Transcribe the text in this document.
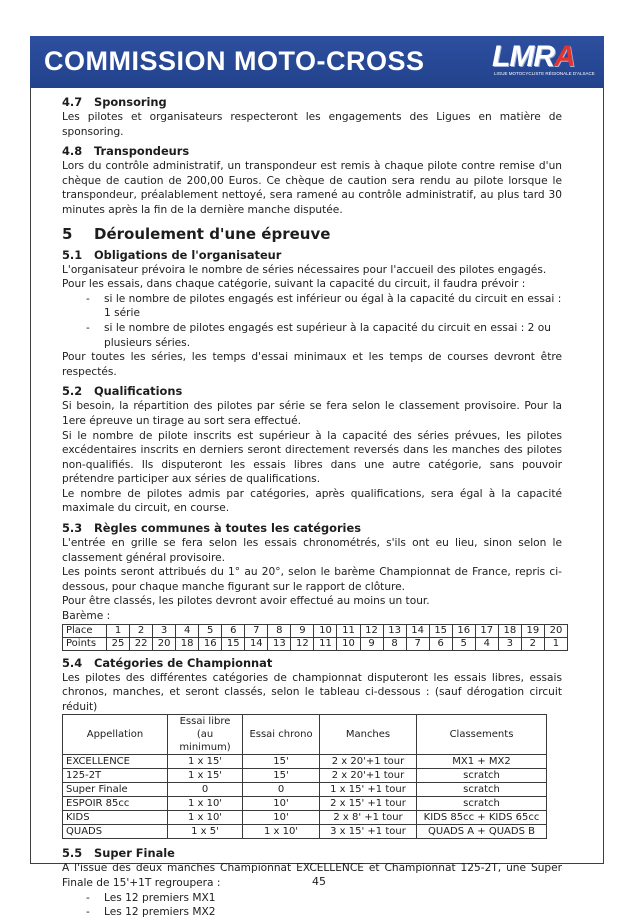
COMMISSION MOTO-CROSS LMRA
LIGUE MOTOCYCLISTE RÉGIONALE D'ALSACE
4.7 Sponsoring

Les pilotes et organisateurs respecteront les engagements des Ligues en matière de sponsoring.

4.8 Transpondeurs

Lors du contrôle administratif, un transpondeur est remis à chaque pilote contre remise d'un chèque de caution de 200,00 Euros. Ce chèque de caution sera rendu au pilote lorsque le transpondeur, préalablement nettoyé, sera ramené au contrôle administratif, au plus tard 30 minutes après la fin de la dernière manche disputée.

5 Déroulement d'une épreuve
5.1 Obligations de l'organisateur

L'organisateur prévoira le nombre de séries nécessaires pour l'accueil des pilotes engagés.

Pour les essais, dans chaque catégorie, suivant la capacité du circuit, il faudra prévoir :

- si le nombre de pilotes engagés est inférieur ou égal à la capacité du circuit en essai : 1 série
- si le nombre de pilotes engagés est supérieur à la capacité du circuit en essai : 2 ou plusieurs séries.

Pour toutes les séries, les temps d'essai minimaux et les temps de courses devront être respectés.

5.2 Qualifications

Si besoin, la répartition des pilotes par série se fera selon le classement provisoire. Pour la 1ere épreuve un tirage au sort sera effectué.

Si le nombre de pilote inscrits est supérieur à la capacité des séries prévues, les pilotes excédentaires inscrits en derniers seront directement reversés dans les manches des pilotes non-qualifiés. Ils disputeront les essais libres dans une autre catégorie, sans pouvoir prétendre participer aux séries de qualifications.

Le nombre de pilotes admis par catégories, après qualifications, sera égal à la capacité maximale du circuit, en course.

5.3 Règles communes à toutes les catégories

L'entrée en grille se fera selon les essais chronométrés, s'ils ont eu lieu, sinon selon le classement général provisoire.

Les points seront attribués du 1° au 20°, selon le barème Championnat de France, repris ci-dessous, pour chaque manche figurant sur le rapport de clôture.

Pour être classés, les pilotes devront avoir effectué au moins un tour.

Barème :

Place	1	2	3	4	5	6	7	8	9	10	11	12	13	14	15	16	17	18	19	20
Points	25	22	20	18	16	15	14	13	12	11	10	9	8	7	6	5	4	3	2	1
5.4 Catégories de Championnat

Les pilotes des différentes catégories de championnat disputeront les essais libres, essais chronos, manches, et seront classés, selon le tableau ci-dessous : (sauf dérogation circuit réduit)

Appellation	Essai libre (au minimum)	Essai chrono	Manches	Classements
EXCELLENCE	1 x 15'	15'	2 x 20'+1 tour	MX1 + MX2
125-2T	1 x 15'	15'	2 x 20'+1 tour	scratch
Super Finale	0	0	1 x 15' +1 tour	scratch
ESPOIR 85cc	1 x 10'	10'	2 x 15' +1 tour	scratch
KIDS	1 x 10'	10'	2 x 8' +1 tour	KIDS 85cc + KIDS 65cc
QUADS	1 x 5'	1 x 10'	3 x 15' +1 tour	QUADS A + QUADS B
5.5 Super Finale

A l'issue des deux manches Championnat EXCELLENCE et Championnat 125-2T, une Super Finale de 15'+1T regroupera :

- Les 12 premiers MX1
- Les 12 premiers MX2
45
